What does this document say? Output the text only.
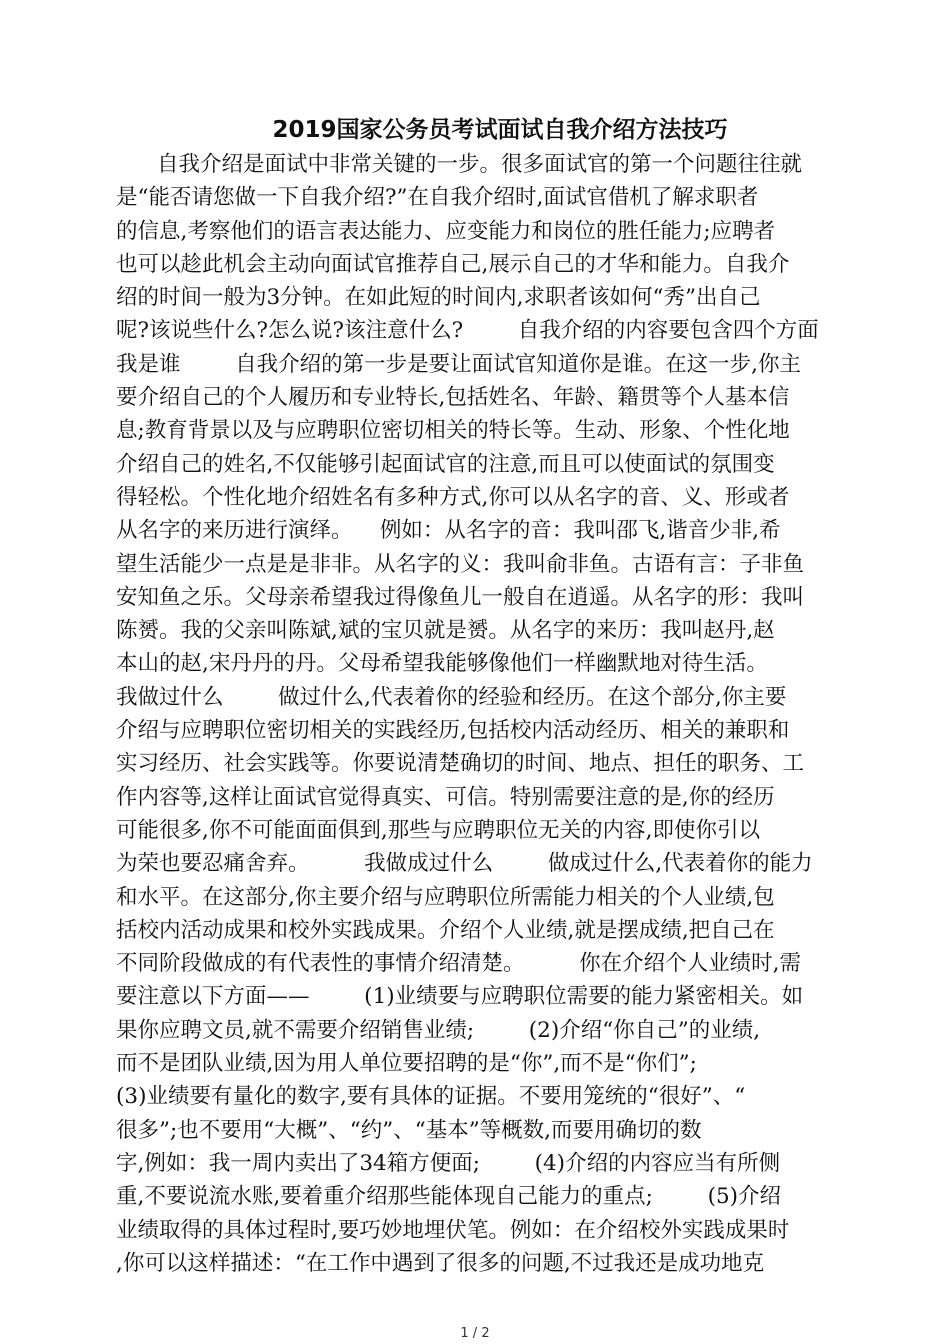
2019国家公务员考试面试自我介绍方法技巧
自我介绍是面试中非常关键的一步。很多面试官的第一个问题往往就
是“能否请您做一下自我介绍?”在自我介绍时,面试官借机了解求职者
的信息,考察他们的语言表达能力、应变能力和岗位的胜任能力;应聘者
也可以趁此机会主动向面试官推荐自己,展示自己的才华和能力。自我介
绍的时间一般为3分钟。在如此短的时间内,求职者该如何“秀”出自己
呢?该说些什么?怎么说?该注意什么?        自我介绍的内容要包含四个方面
我是谁        自我介绍的第一步是要让面试官知道你是谁。在这一步,你主
要介绍自己的个人履历和专业特长,包括姓名、年龄、籍贯等个人基本信
息;教育背景以及与应聘职位密切相关的特长等。生动、形象、个性化地
介绍自己的姓名,不仅能够引起面试官的注意,而且可以使面试的氛围变
得轻松。个性化地介绍姓名有多种方式,你可以从名字的音、义、形或者
从名字的来历进行演绎。    例如：从名字的音：我叫邵飞,谐音少非,希
望生活能少一点是是非非。从名字的义：我叫俞非鱼。古语有言：子非鱼
安知鱼之乐。父母亲希望我过得像鱼儿一般自在逍遥。从名字的形：我叫
陈赟。我的父亲叫陈斌,斌的宝贝就是赟。从名字的来历：我叫赵丹,赵
本山的赵,宋丹丹的丹。父母希望我能够像他们一样幽默地对待生活。
我做过什么        做过什么,代表着你的经验和经历。在这个部分,你主要
介绍与应聘职位密切相关的实践经历,包括校内活动经历、相关的兼职和
实习经历、社会实践等。你要说清楚确切的时间、地点、担任的职务、工
作内容等,这样让面试官觉得真实、可信。特别需要注意的是,你的经历
可能很多,你不可能面面俱到,那些与应聘职位无关的内容,即使你引以
为荣也要忍痛舍弃。        我做成过什么        做成过什么,代表着你的能力
和水平。在这部分,你主要介绍与应聘职位所需能力相关的个人业绩,包
括校内活动成果和校外实践成果。介绍个人业绩,就是摆成绩,把自己在
不同阶段做成的有代表性的事情介绍清楚。        你在介绍个人业绩时,需
要注意以下方面——        (1)业绩要与应聘职位需要的能力紧密相关。如
果你应聘文员,就不需要介绍销售业绩;        (2)介绍“你自己”的业绩,
而不是团队业绩,因为用人单位要招聘的是“你”,而不是“你们”;
(3)业绩要有量化的数字,要有具体的证据。不要用笼统的“很好”、“
很多”;也不要用“大概”、“约”、“基本”等概数,而要用确切的数
字,例如：我一周内卖出了34箱方便面;        (4)介绍的内容应当有所侧
重,不要说流水账,要着重介绍那些能体现自己能力的重点;        (5)介绍
业绩取得的具体过程时,要巧妙地埋伏笔。例如：在介绍校外实践成果时
,你可以这样描述：“在工作中遇到了很多的问题,不过我还是成功地克
1 / 2
